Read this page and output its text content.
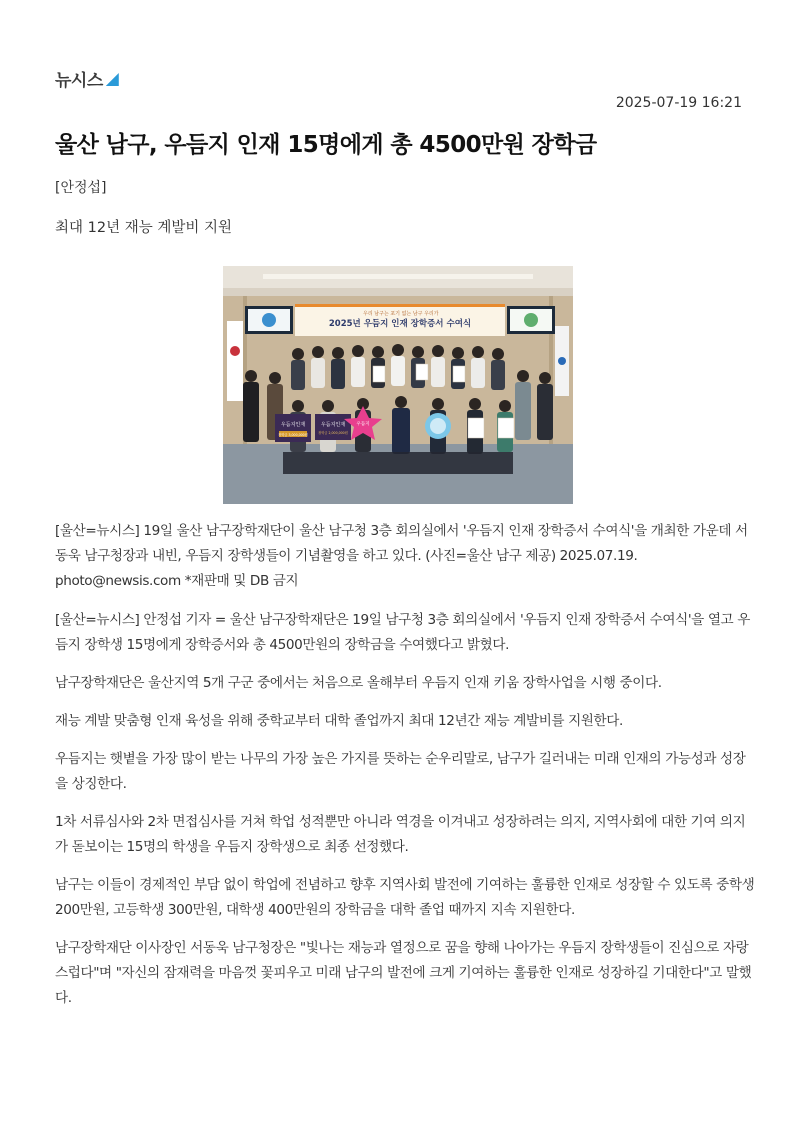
뉴시스
2025-07-19 16:21
울산 남구, 우듬지 인재 15명에게 총 4500만원 장학금
[안정섭]
최대 12년 재능 계발비 지원
우리 남구는 포기 없는 남구 우리가
2025년 우듬지 인재 장학증서 수여식
우듬지인재
장학금 3,000,000원
우듬지인재
장학금 2,000,000원
우듬지

[울산=뉴시스] 19일 울산 남구장학재단이 울산 남구청 3층 회의실에서 '우듬지 인재 장학증서 수여식'을 개최한 가운데 서동욱 남구청장과 내빈, 우듬지 장학생들이 기념촬영을 하고 있다. (사진=울산 남구 제공) 2025.07.19. photo@newsis.com *재판매 및 DB 금지

[울산=뉴시스] 안정섭 기자 = 울산 남구장학재단은 19일 남구청 3층 회의실에서 '우듬지 인재 장학증서 수여식'을 열고 우듬지 장학생 15명에게 장학증서와 총 4500만원의 장학금을 수여했다고 밝혔다.

남구장학재단은 울산지역 5개 구군 중에서는 처음으로 올해부터 우듬지 인재 키움 장학사업을 시행 중이다.

재능 계발 맞춤형 인재 육성을 위해 중학교부터 대학 졸업까지 최대 12년간 재능 계발비를 지원한다.

우듬지는 햇볕을 가장 많이 받는 나무의 가장 높은 가지를 뜻하는 순우리말로, 남구가 길러내는 미래 인재의 가능성과 성장을 상징한다.

1차 서류심사와 2차 면접심사를 거쳐 학업 성적뿐만 아니라 역경을 이겨내고 성장하려는 의지, 지역사회에 대한 기여 의지가 돋보이는 15명의 학생을 우듬지 장학생으로 최종 선정했다.

남구는 이들이 경제적인 부담 없이 학업에 전념하고 향후 지역사회 발전에 기여하는 훌륭한 인재로 성장할 수 있도록 중학생 200만원, 고등학생 300만원, 대학생 400만원의 장학금을 대학 졸업 때까지 지속 지원한다.

남구장학재단 이사장인 서동욱 남구청장은 "빛나는 재능과 열정으로 꿈을 향해 나아가는 우듬지 장학생들이 진심으로 자랑스럽다"며 "자신의 잠재력을 마음껏 꽃피우고 미래 남구의 발전에 크게 기여하는 훌륭한 인재로 성장하길 기대한다"고 말했다.
